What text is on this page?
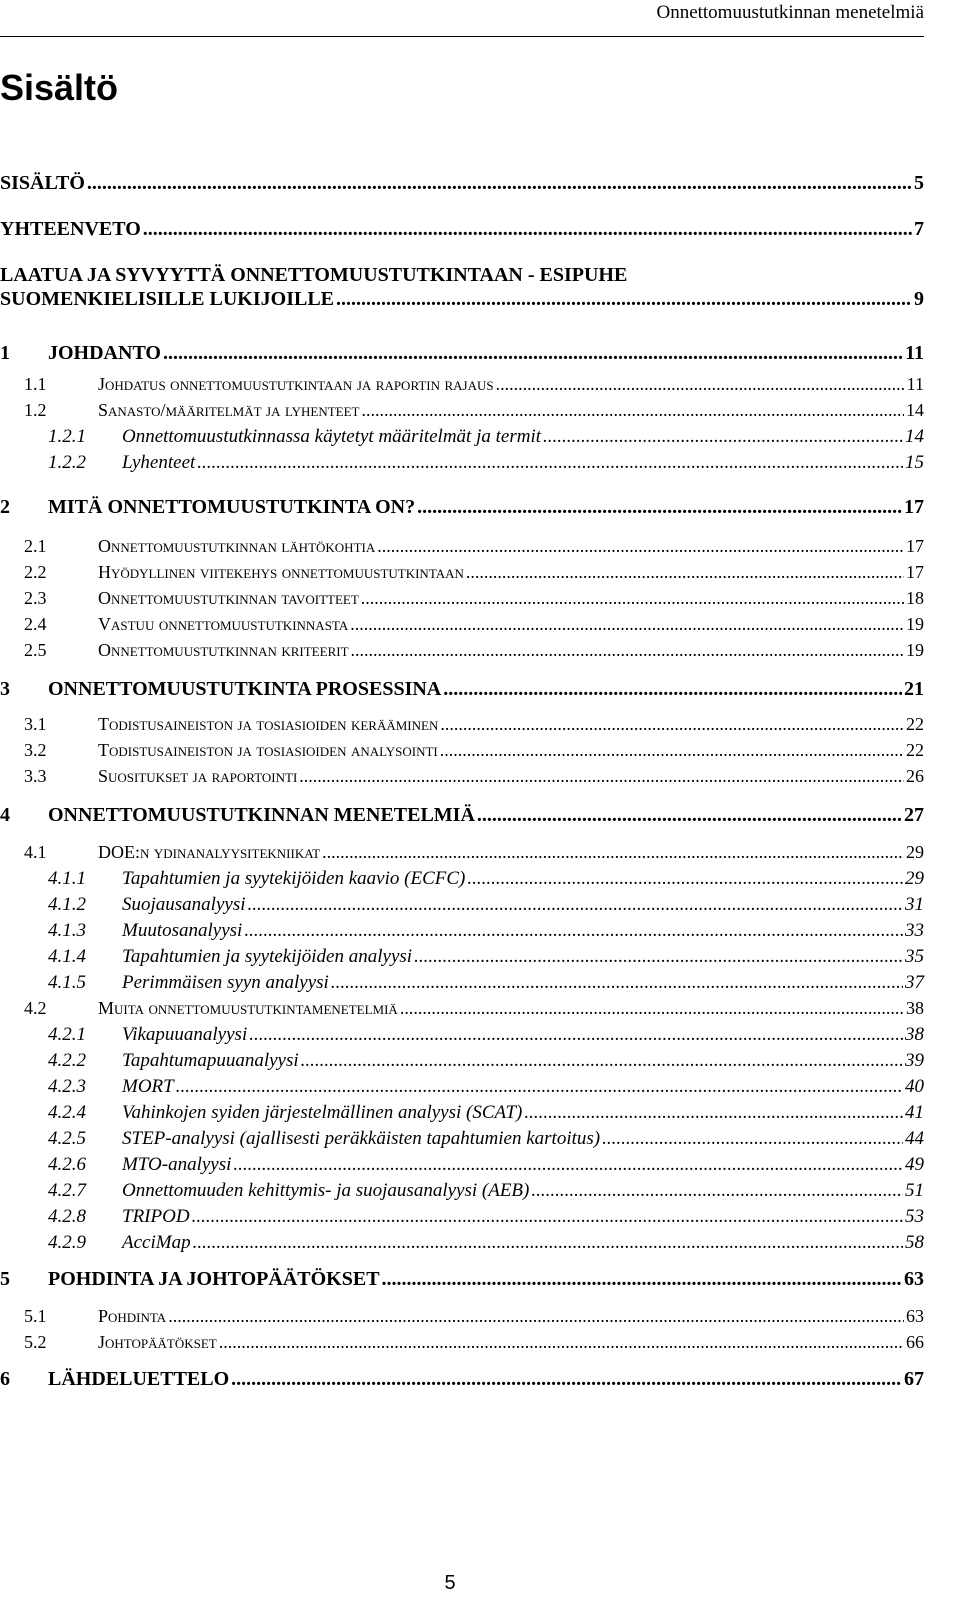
Onnettomuustutkinnan menetelmiä
Sisältö
SISÄLTÖ .....	5
YHTEENVETO .....	7
LAATUA JA SYVYYTTÄ ONNETTOMUUSTUTKINTAAN - ESIPUHE
SUOMENKIELISILLE LUKIJOILLE .....	9
1 JOHDANTO .....	11
1.1	Johdatus onnettomuustutkintaan ja raportin rajaus .....	11
1.2	Sanasto/määritelmät ja lyhenteet .....	14
1.2.1 Onnettomuustutkinnassa käytetyt määritelmät ja termit .....	14
1.2.2 Lyhenteet .....	15
2 MITÄ ONNETTOMUUSTUTKINTA ON? .....	17
2.1	Onnettomuustutkinnan lähtökohtia .....	17
2.2	Hyödyllinen viitekehys onnettomuustutkintaan .....	17
2.3	Onnettomuustutkinnan tavoitteet .....	18
2.4	Vastuu onnettomuustutkinnasta .....	19
2.5	Onnettomuustutkinnan kriteerit .....	19
3 ONNETTOMUUSTUTKINTA PROSESSINA .....	21
3.1	Todistusaineiston ja tosiasioiden kerääminen .....	22
3.2	Todistusaineiston ja tosiasioiden analysointi .....	22
3.3	Suositukset ja raportointi .....	26
4 ONNETTOMUUSTUTKINNAN MENETELMIÄ .....	27
4.1	DOE:n ydinanalyysitekniikat .....	29
4.1.1 Tapahtumien ja syytekijöiden kaavio (ECFC) .....	29
4.1.2 Suojausanalyysi .....	31
4.1.3 Muutosanalyysi .....	33
4.1.4 Tapahtumien ja syytekijöiden analyysi .....	35
4.1.5 Perimmäisen syyn analyysi .....	37
4.2	Muita onnettomuustutkintamenetelmiä .....	38
4.2.1 Vikapuuanalyysi .....	38
4.2.2 Tapahtumapuuanalyysi .....	39
4.2.3 MORT .....	40
4.2.4 Vahinkojen syiden järjestelmällinen analyysi (SCAT) .....	41
4.2.5 STEP-analyysi (ajallisesti peräkkäisten tapahtumien kartoitus) .....	44
4.2.6 MTO-analyysi .....	49
4.2.7 Onnettomuuden kehittymis- ja suojausanalyysi (AEB) .....	51
4.2.8 TRIPOD .....	53
4.2.9 AcciMap .....	58
5 POHDINTA JA JOHTOPÄÄTÖKSET .....	63
5.1	Pohdinta .....	63
5.2	Johtopäätökset .....	66
6 LÄHDELUETTELO .....	67
5
